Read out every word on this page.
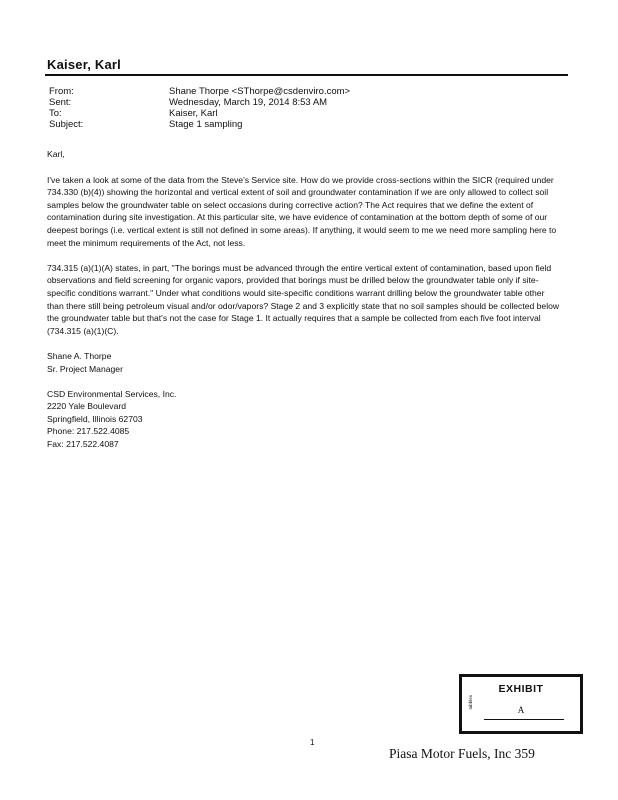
Kaiser, Karl
From:	Shane Thorpe <SThorpe@csdenviro.com>
Sent:	Wednesday, March 19, 2014 8:53 AM
To:	Kaiser, Karl
Subject:	Stage 1 sampling

Karl,

I've taken a look at some of the data from the Steve's Service site. How do we provide cross-sections within the SICR (required under 734.330 (b)(4)) showing the horizontal and vertical extent of soil and groundwater contamination if we are only allowed to collect soil samples below the groundwater table on select occasions during corrective action? The Act requires that we define the extent of contamination during site investigation. At this particular site, we have evidence of contamination at the bottom depth of some of our deepest borings (i.e. vertical extent is still not defined in some areas). If anything, it would seem to me we need more sampling here to meet the minimum requirements of the Act, not less.

734.315 (a)(1)(A) states, in part, "The borings must be advanced through the entire vertical extent of contamination, based upon field observations and field screening for organic vapors, provided that borings must be drilled below the groundwater table only if site-specific conditions warrant." Under what conditions would site-specific conditions warrant drilling below the groundwater table other than there still being petroleum visual and/or odor/vapors? Stage 2 and 3 explicitly state that no soil samples should be collected below the groundwater table but that's not the case for Stage 1. It actually requires that a sample be collected from each five foot interval (734.315 (a)(1)(C).

Shane A. Thorpe

Sr. Project Manager

CSD Environmental Services, Inc.

2220 Yale Boulevard

Springfield, Illinois 62703

Phone: 217.522.4085

Fax: 217.522.4087

EXHIBIT
tabbles
A
1
Piasa Motor Fuels, Inc 359
